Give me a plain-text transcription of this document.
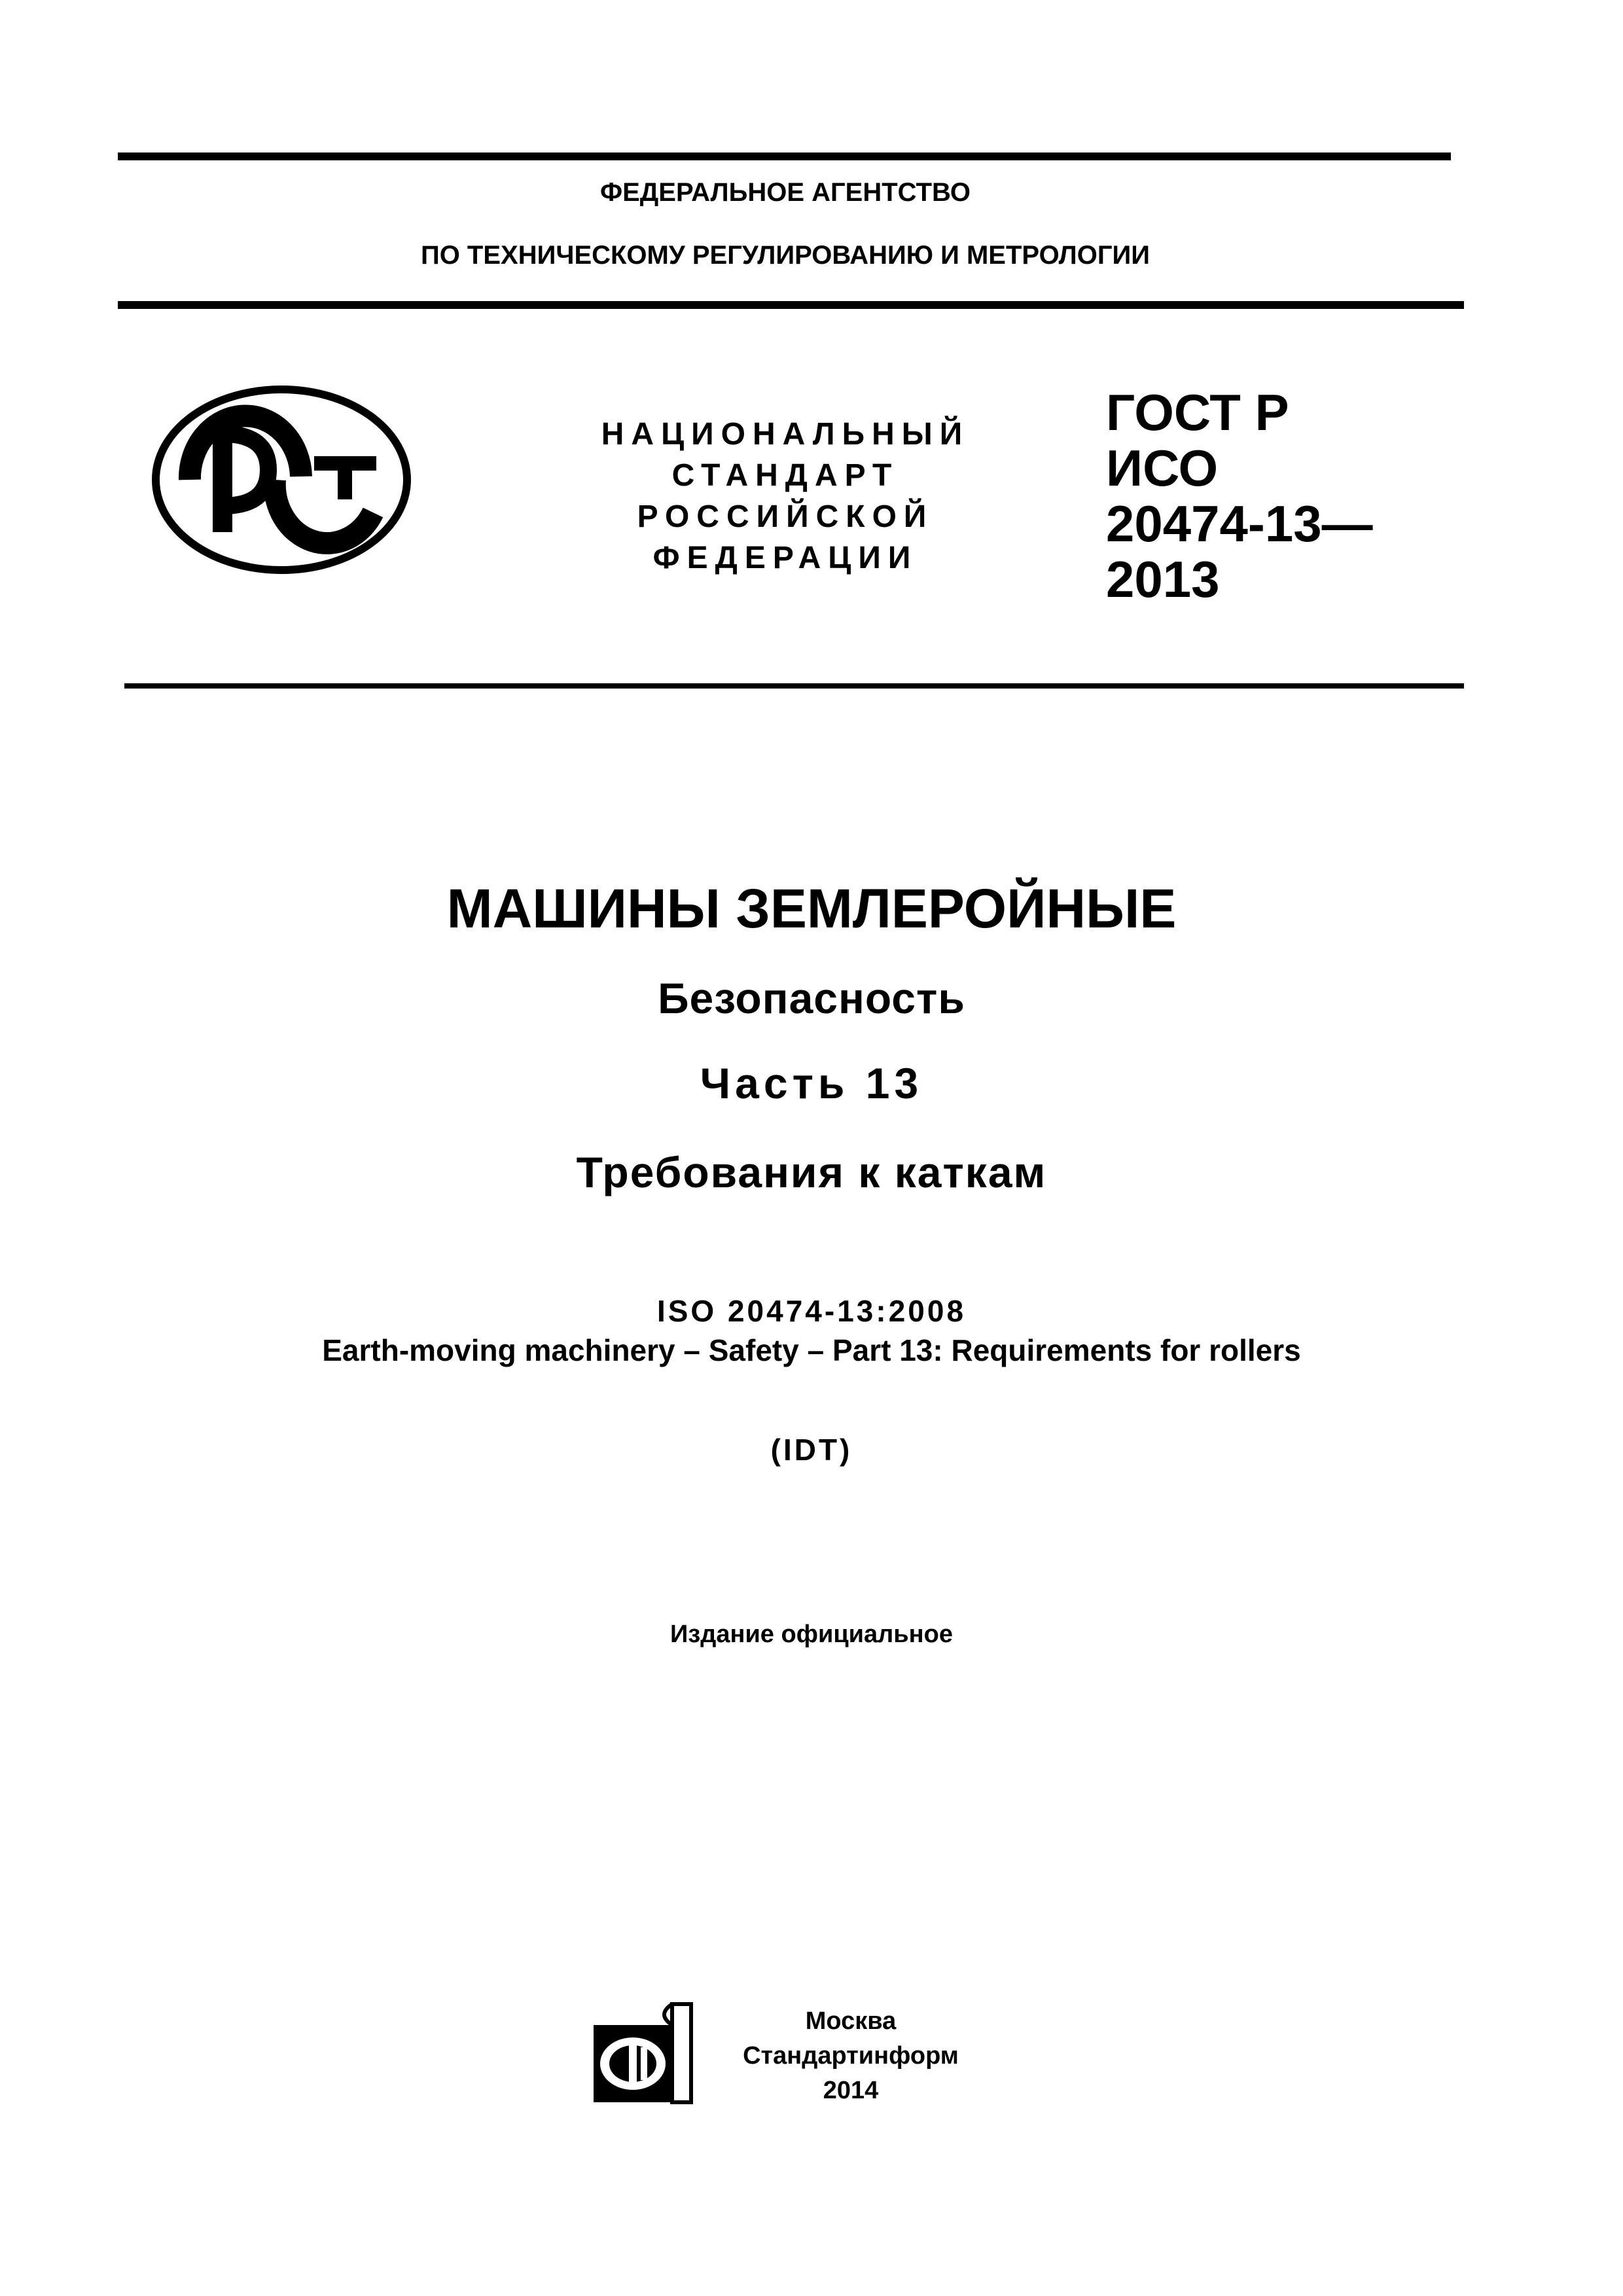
ФЕДЕРАЛЬНОЕ АГЕНТСТВО
ПО ТЕХНИЧЕСКОМУ РЕГУЛИРОВАНИЮ И МЕТРОЛОГИИ
НАЦИОНАЛЬНЫЙ
СТАНДАРТ
РОССИЙСКОЙ
ФЕДЕРАЦИИ
ГОСТ Р
ИСО
20474-13—
2013
МАШИНЫ ЗЕМЛЕРОЙНЫЕ
Безопасность
Часть 13
Требования к каткам
ISO 20474-13:2008
Earth-moving machinery – Safety – Part 13: Requirements for rollers
(IDT)
Издание официальное
Москва
Стандартинформ
2014
